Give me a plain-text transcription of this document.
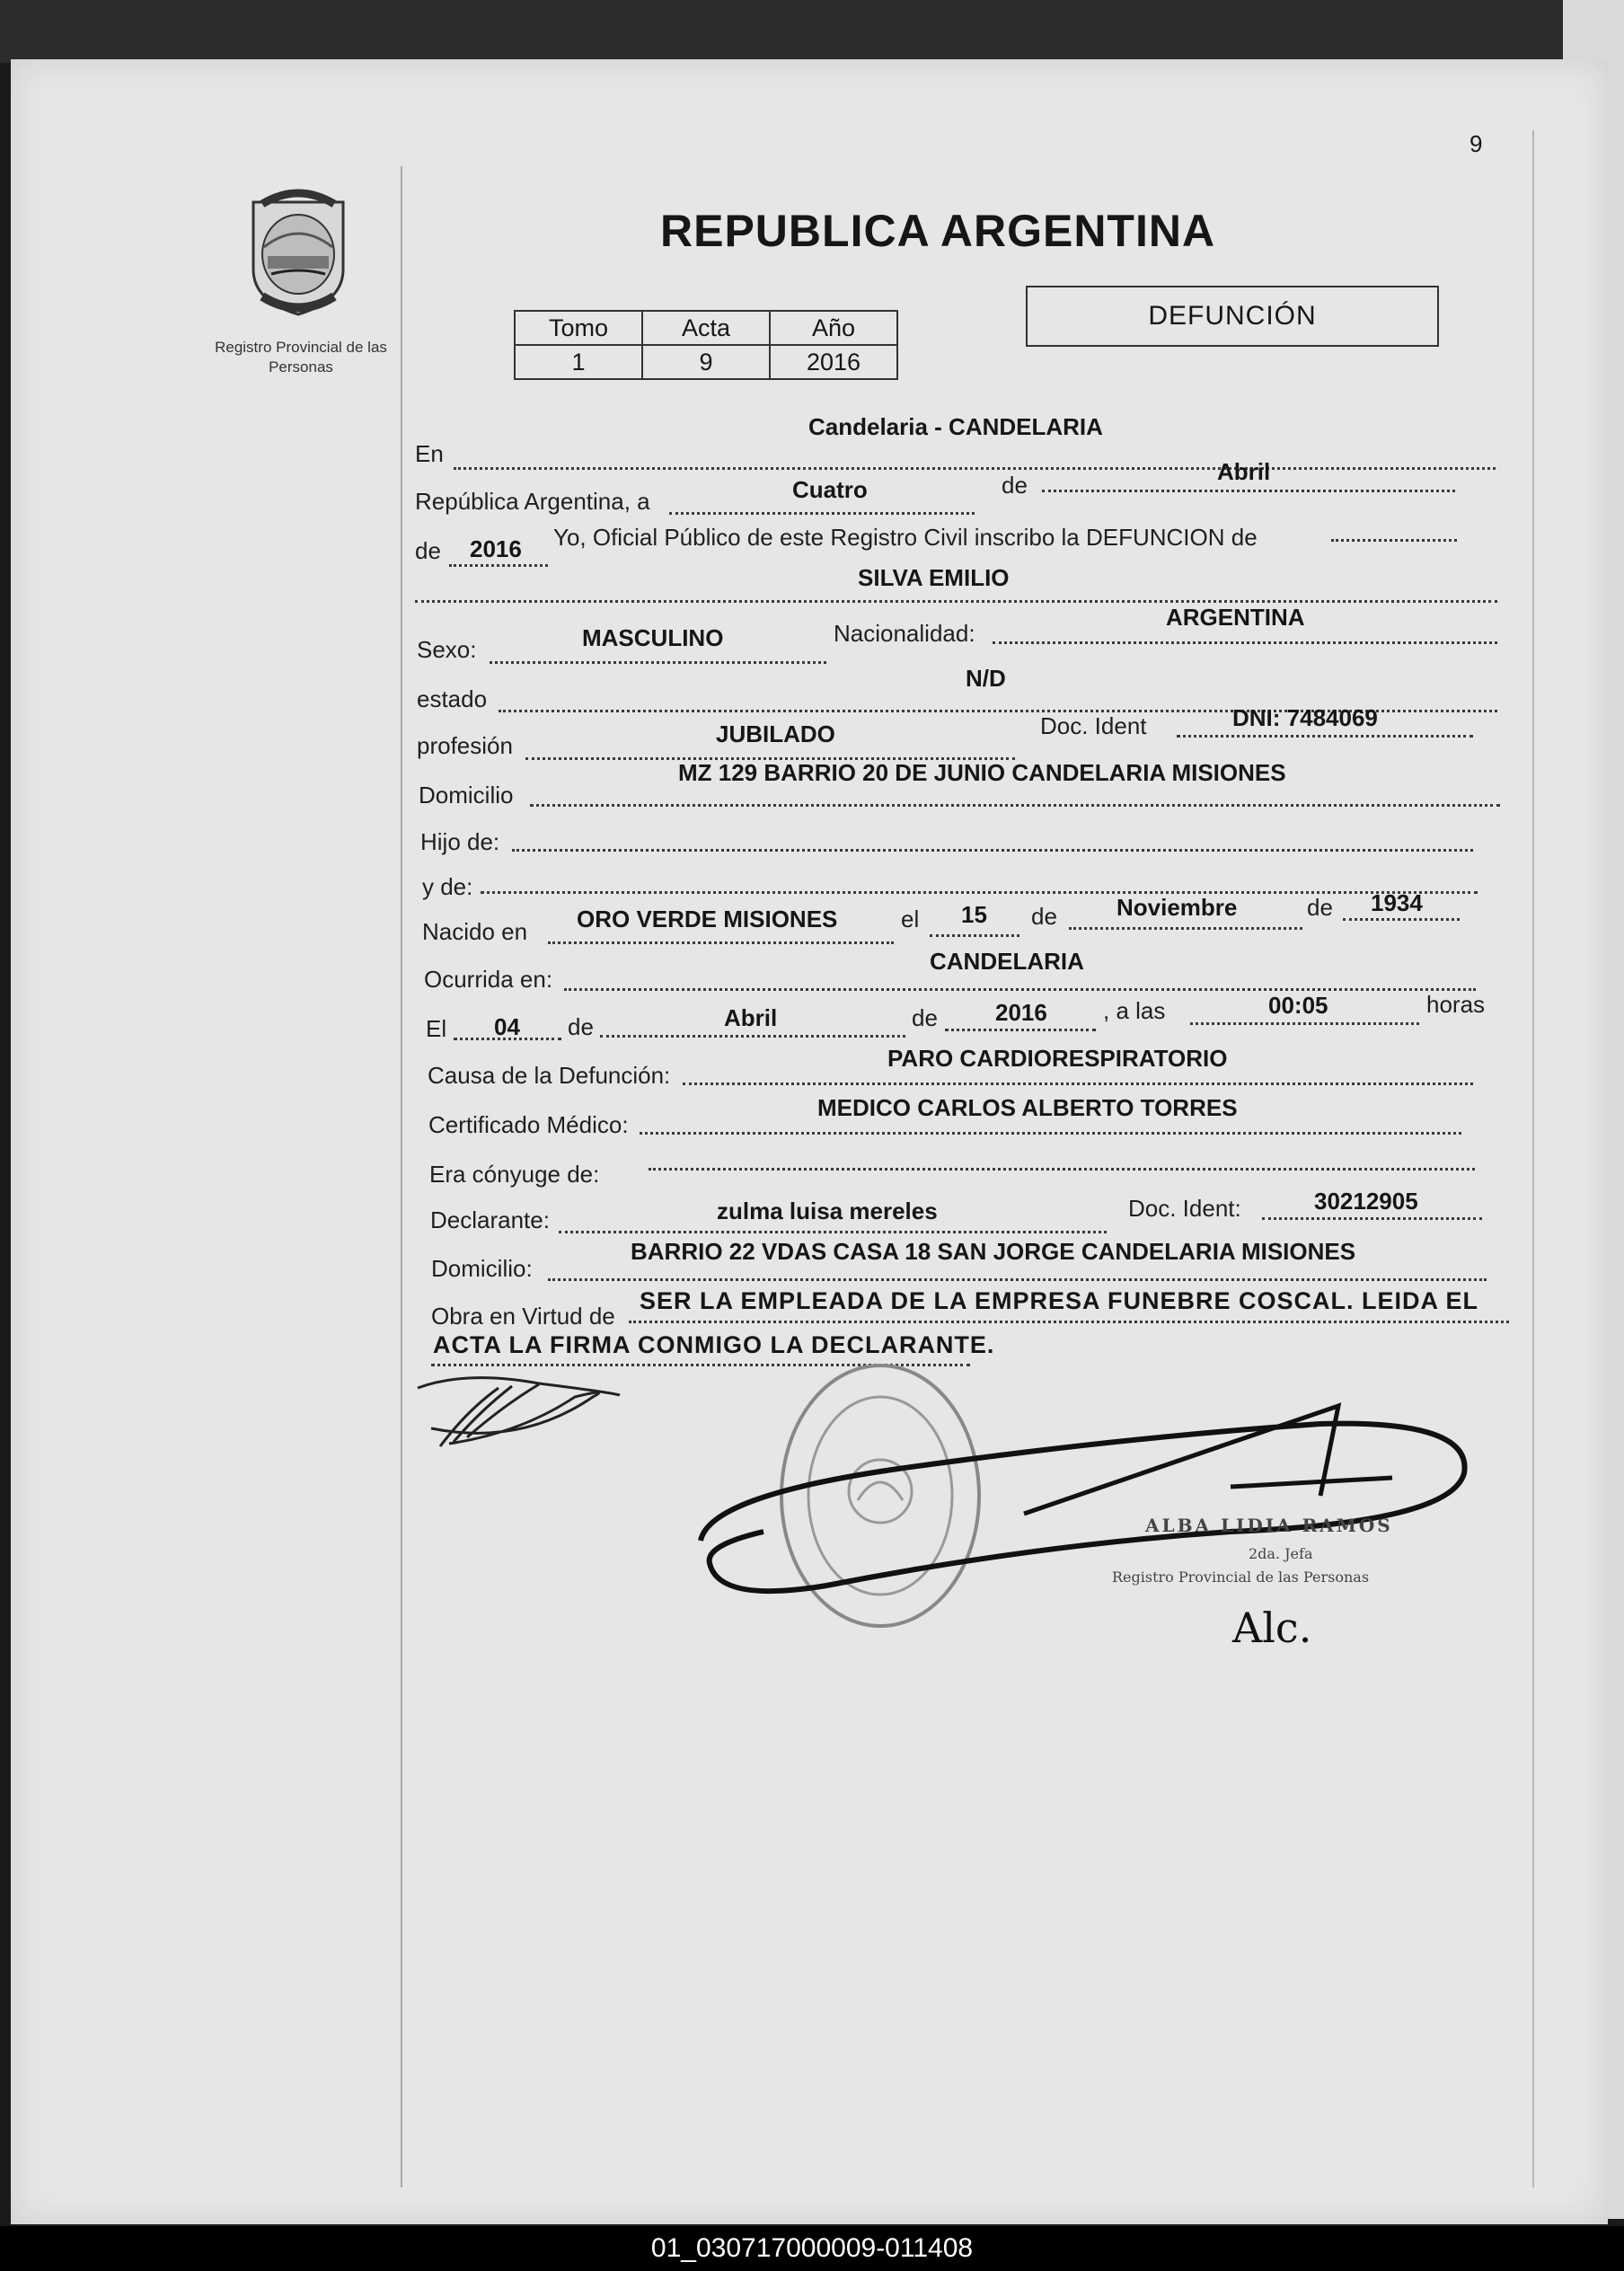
9
Registro Provincial de las Personas
REPUBLICA ARGENTINA
Tomo	Acta	Año
1	9	2016
DEFUNCIÓN
En
Candelaria - CANDELARIA
República Argentina, a	Cuatro	de	Abril
de 2016 Yo, Oficial Público de este Registro Civil inscribo la DEFUNCION de
SILVA EMILIO
Sexo:	MASCULINO	Nacionalidad:
ARGENTINA
estado
N/D
profesión	JUBILADO	Doc. Ident	DNI: 7484069
Domicilio
MZ 129 BARRIO 20 DE JUNIO CANDELARIA MISIONES
Hijo de:
y de:
Nacido en ORO VERDE MISIONES	el 15 de	Noviembre	de 1934
Ocurrida en:
CANDELARIA
El 04 de	Abril	de 2016 , a las	00:05	horas
Causa de la Defunción:
PARO CARDIORESPIRATORIO
Certificado Médico:
MEDICO CARLOS ALBERTO TORRES
Era cónyuge de:
Declarante:	zulma luisa mereles	Doc. Ident:	30212905
Domicilio:
BARRIO 22 VDAS CASA 18 SAN JORGE CANDELARIA MISIONES
Obra en Virtud de
SER LA EMPLEADA DE LA EMPRESA FUNEBRE COSCAL. LEIDA EL
ACTA LA FIRMA CONMIGO LA DECLARANTE.
ALBA LIDIA RAMOS
2da. Jefa
Registro Provincial de las Personas
Alc.
01_030717000009-011408
